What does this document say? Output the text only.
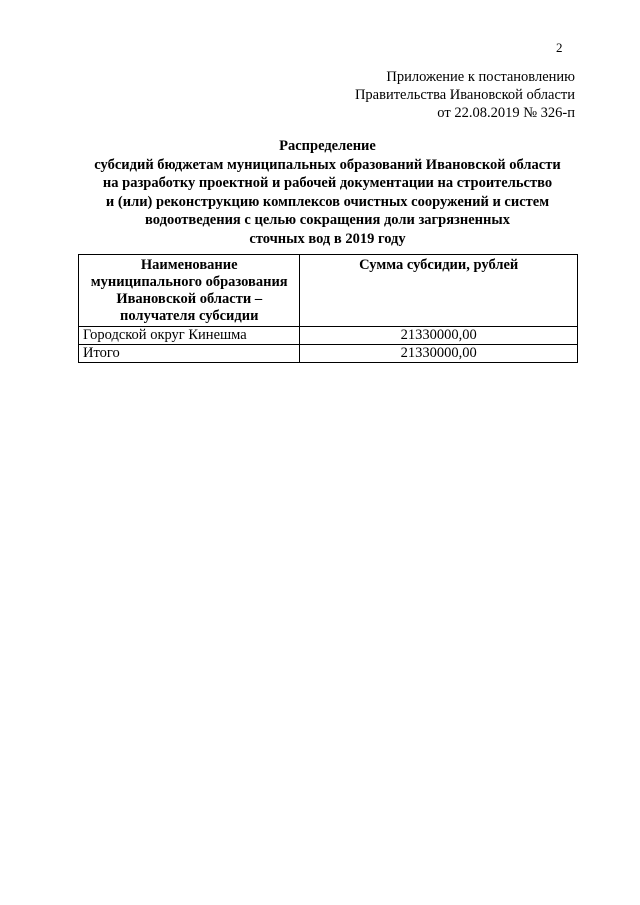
2
Приложение к постановлению
Правительства Ивановской области
от 22.08.2019 № 326-п
Распределение
субсидий бюджетам муниципальных образований Ивановской области
на разработку проектной и рабочей документации на строительство
и (или) реконструкцию комплексов очистных сооружений и систем
водоотведения с целью сокращения доли загрязненных
сточных вод в 2019 году
Наименование
муниципального образования
Ивановской области –
получателя субсидии	Сумма субсидии, рублей
Городской округ Кинешма	21330000,00
Итого	21330000,00
